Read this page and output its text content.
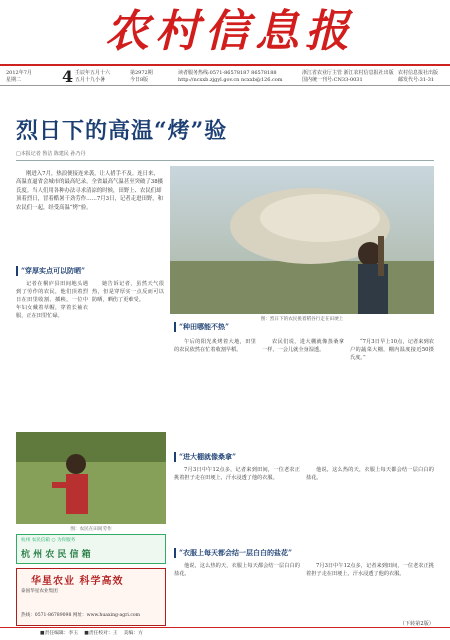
农村信息报
2012年7月
星期二
壬辰年五月十六
五月十九小暑
第2972期
今日8版
读者服务热线:0571-86578187 86578188
http://ncxxb.zjgyl.gov.cn ncxxb@126.com
浙江省农业厅主管 浙江农村信息报社出版
国内统一刊号:CN33-0031
农村信息报社出版
邮发代号:31-31
4
烈日下的高温“烤”验
□本报记者 鲁洁 陈建民 孙乃丹
刚进入7月，热浪便接连来袭，让人措手不及。连日来，高温直逼省会城市的最高纪录，全省最高气温甚至突破了38摄氏度。当人们用各种办法寻求清凉的时候，田野上、农民们却顶着烈日，冒着酷暑干劲劳作……7月3日，记者走进田野，和农民们一起，经受高温“烤”验。
“穿厚实点可以防晒”

记者在桐庐县田间地头遇到了劳作的农民，他们顶着烈日在田里收割、插秧。一位中年妇女戴着草帽，穿着长袖衣服，正在田里忙碌。

她告诉记者，虽然天气很热，但是穿厚实一点反而可以防晒，晒伤了更难受。

图：烈日下的农民挑着稻谷行走在田埂上
“种田哪能不热”

午后的阳光炙烤着大地，田里的农民依然在忙着收割早稻。

农民们说，进大棚就像蒸桑拿一样，一会儿就全身湿透。

“7月3日早上10点，记者来到农户的蔬菜大棚，棚内温度接近50摄氏度。”

“进大棚就像桑拿”

7月3日中午12点多，记者来到田间，一位老农正挑着担子走在田埂上，汗水浸透了他的衣服。

他说，这么热的天，衣服上每天都会结一层白白的盐花。

“衣服上每天都会结一层白白的盐花”

他说，这么热的天，衣服上每天都会结一层白白的盐花。

7月3日中午12点多，记者来到田间，一位老农正挑着担子走在田埂上，汗水浸透了他的衣服。

（下转第2版）
图：农民在田间劳作
杭州 农民信箱 ○ 为你服务
杭 州 农 民 信 箱
华星农业 科学高效
泰国华星农业集团
热线：0571-86789098 网址：www.huaxing-agri.com
■责任编辑：李玉 ■责任校对：王 美编：方
